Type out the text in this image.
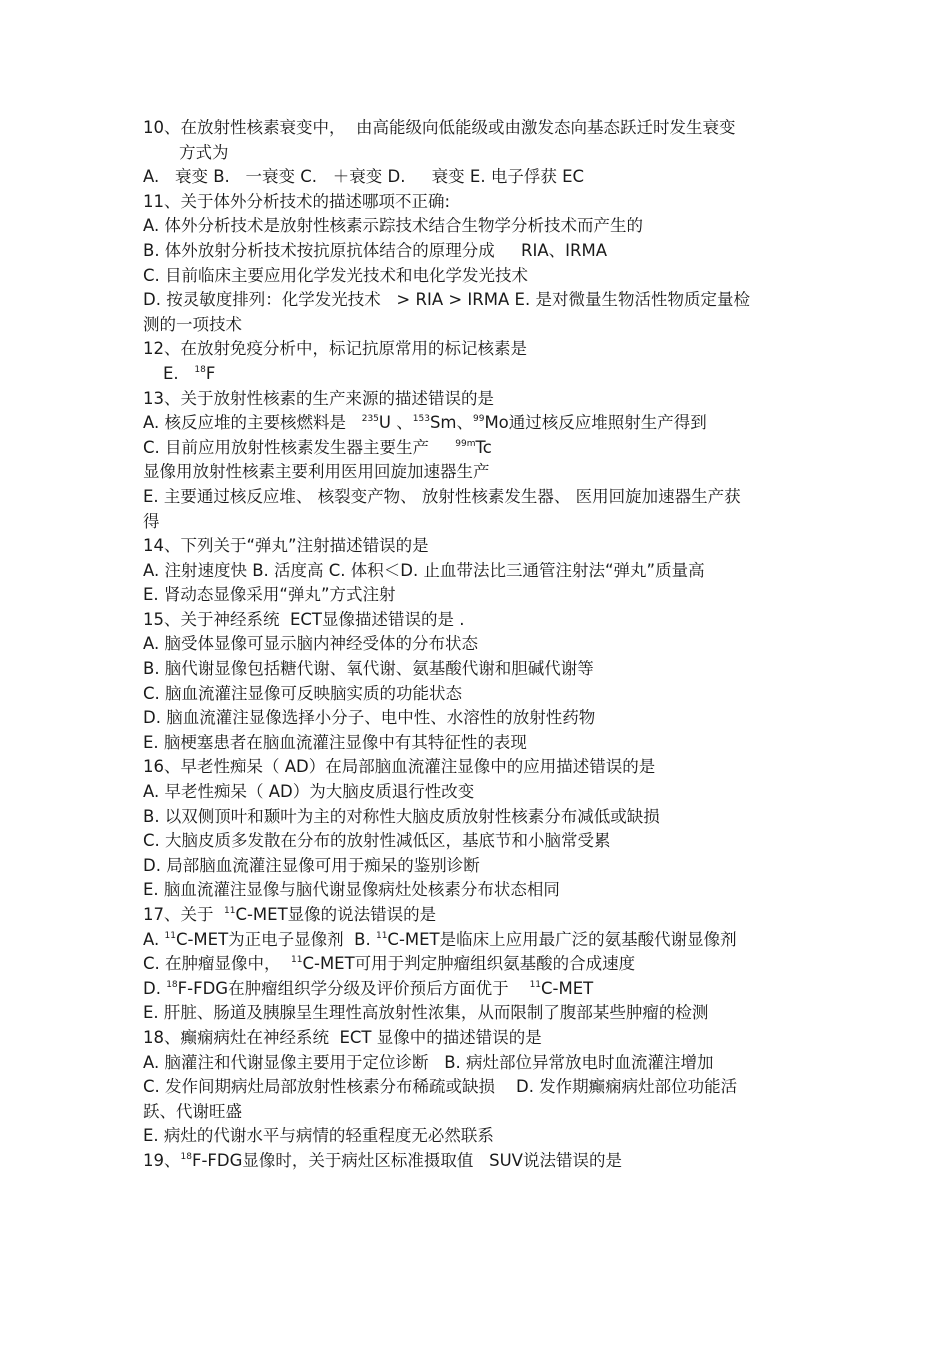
10、在放射性核素衰变中，  由高能级向低能级或由激发态向基态跃迁时发生衰变
方式为
A.   衰变 B.   一衰变 C.   ＋衰变 D.     衰变 E. 电子俘获 EC
11、关于体外分析技术的描述哪项不正确:
A. 体外分析技术是放射性核素示踪技术结合生物学分析技术而产生的
B. 体外放射分析技术按抗原抗体结合的原理分成     RIA、IRMA
C. 目前临床主要应用化学发光技术和电化学发光技术
D. 按灵敏度排列：化学发光技术   > RIA > IRMA E. 是对微量生物活性物质定量检
测的一项技术
12、在放射免疫分析中，标记抗原常用的标记核素是
E.   $^{18}$F
13、关于放射性核素的生产来源的描述错误的是
A. 核反应堆的主要核燃料是   $^{235}$U 、$^{153}$Sm、$^{99}$Mo通过核反应堆照射生产得到
C. 目前应用放射性核素发生器主要生产     $^{99m}$Tc
显像用放射性核素主要利用医用回旋加速器生产
E. 主要通过核反应堆、 核裂变产物、 放射性核素发生器、 医用回旋加速器生产获
得
14、下列关于“弹丸”注射描述错误的是
A. 注射速度快 B. 活度高 C. 体积＜D. 止血带法比三通管注射法“弹丸”质量高
E. 肾动态显像采用“弹丸”方式注射
15、关于神经系统  ECT显像描述错误的是 .
A. 脑受体显像可显示脑内神经受体的分布状态
B. 脑代谢显像包括糖代谢、氧代谢、氨基酸代谢和胆碱代谢等
C. 脑血流灌注显像可反映脑实质的功能状态
D. 脑血流灌注显像选择小分子、电中性、水溶性的放射性药物
E. 脑梗塞患者在脑血流灌注显像中有其特征性的表现
16、早老性痴呆（ AD）在局部脑血流灌注显像中的应用描述错误的是
A. 早老性痴呆（ AD）为大脑皮质退行性改变
B. 以双侧顶叶和颞叶为主的对称性大脑皮质放射性核素分布减低或缺损
C. 大脑皮质多发散在分布的放射性减低区，基底节和小脑常受累
D. 局部脑血流灌注显像可用于痴呆的鉴别诊断
E. 脑血流灌注显像与脑代谢显像病灶处核素分布状态相同
17、关于  $^{11}$C-MET显像的说法错误的是
A. $^{11}$C-MET为正电子显像剂  B. $^{11}$C-MET是临床上应用最广泛的氨基酸代谢显像剂
C. 在肿瘤显像中，  $^{11}$C-MET可用于判定肿瘤组织氨基酸的合成速度
D. $^{18}$F-FDG在肿瘤组织学分级及评价预后方面优于    $^{11}$C-MET
E. 肝脏、肠道及胰腺呈生理性高放射性浓集，从而限制了腹部某些肿瘤的检测
18、癫痫病灶在神经系统  ECT 显像中的描述错误的是
A. 脑灌注和代谢显像主要用于定位诊断   B. 病灶部位异常放电时血流灌注增加
C. 发作间期病灶局部放射性核素分布稀疏或缺损    D. 发作期癫痫病灶部位功能活
跃、代谢旺盛
E. 病灶的代谢水平与病情的轻重程度无必然联系
19、$^{18}$F-FDG显像时，关于病灶区标准摄取值   SUV说法错误的是
